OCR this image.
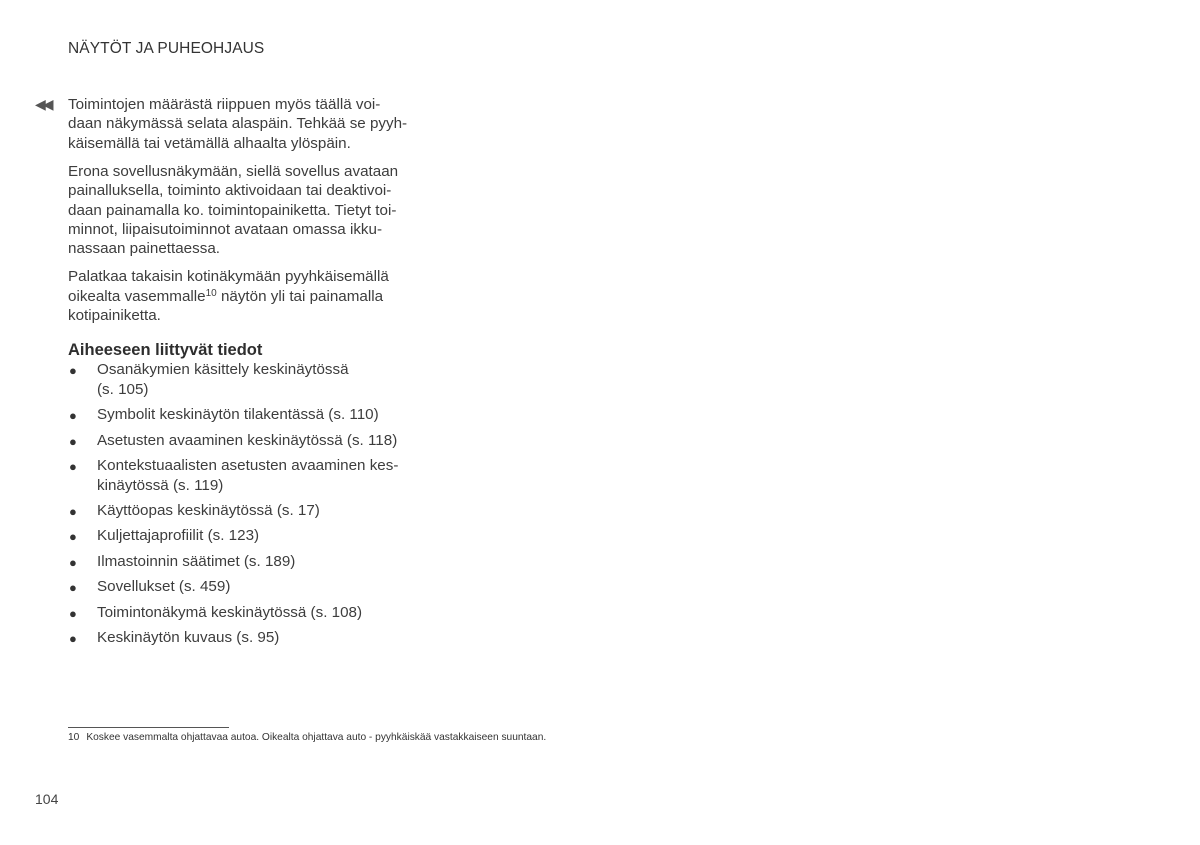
NÄYTÖT JA PUHEOHJAUS
◀◀ Toimintojen määrästä riippuen myös täällä voi-
daan näkymässä selata alaspäin. Tehkää se pyyh-
käisemällä tai vetämällä alhaalta ylöspäin.

Erona sovellusnäkymään, siellä sovellus avataan
painalluksella, toiminto aktivoidaan tai deaktivoi-
daan painamalla ko. toimintopainiketta. Tietyt toi-
minnot, liipaisutoiminnot avataan omassa ikku-
nassaan painettaessa.

Palatkaa takaisin kotinäkymään pyyhkäisemällä
oikealta vasemmalle$^{10}$ näytön yli tai painamalla
kotipainiketta.

Aiheeseen liittyvät tiedot
● Osanäkymien käsittely keskinäytössä
(s. 105)
● Symbolit keskinäytön tilakentässä (s. 110)
● Asetusten avaaminen keskinäytössä (s. 118)
● Kontekstuaalisten asetusten avaaminen kes-
kinäytössä (s. 119)
● Käyttöopas keskinäytössä (s. 17)
● Kuljettajaprofiilit (s. 123)
● Ilmastoinnin säätimet (s. 189)
● Sovellukset (s. 459)
● Toimintonäkymä keskinäytössä (s. 108)
● Keskinäytön kuvaus (s. 95)
10 Koskee vasemmalta ohjattavaa autoa. Oikealta ohjattava auto - pyyhkäiskää vastakkaiseen suuntaan.
104
